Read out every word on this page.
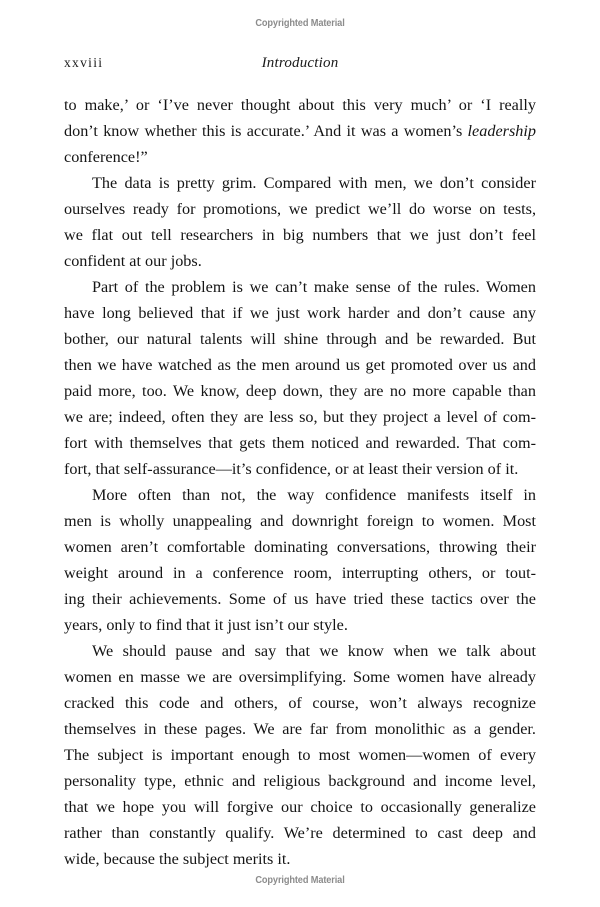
Copyrighted Material
xxviii	Introduction

to make,’ or ‘I’ve never thought about this very much’ or ‘I really
don’t know whether this is accurate.’ And it was a women’s leadership
conference!”

The data is pretty grim. Compared with men, we don’t consider
ourselves ready for promotions, we predict we’ll do worse on tests,
we flat out tell researchers in big numbers that we just don’t feel
confident at our jobs.

Part of the problem is we can’t make sense of the rules. Women
have long believed that if we just work harder and don’t cause any
bother, our natural talents will shine through and be rewarded. But
then we have watched as the men around us get promoted over us and
paid more, too. We know, deep down, they are no more capable than
we are; indeed, often they are less so, but they project a level of com-
fort with themselves that gets them noticed and rewarded. That com-
fort, that self-assurance—it’s confidence, or at least their version of it.

More often than not, the way confidence manifests itself in
men is wholly unappealing and downright foreign to women. Most
women aren’t comfortable dominating conversations, throwing their
weight around in a conference room, interrupting others, or tout-
ing their achievements. Some of us have tried these tactics over the
years, only to find that it just isn’t our style.

We should pause and say that we know when we talk about
women en masse we are oversimplifying. Some women have already
cracked this code and others, of course, won’t always recognize
themselves in these pages. We are far from monolithic as a gender.
The subject is important enough to most women—women of every
personality type, ethnic and religious background and income level,
that we hope you will forgive our choice to occasionally generalize
rather than constantly qualify. We’re determined to cast deep and
wide, because the subject merits it.

Copyrighted Material
